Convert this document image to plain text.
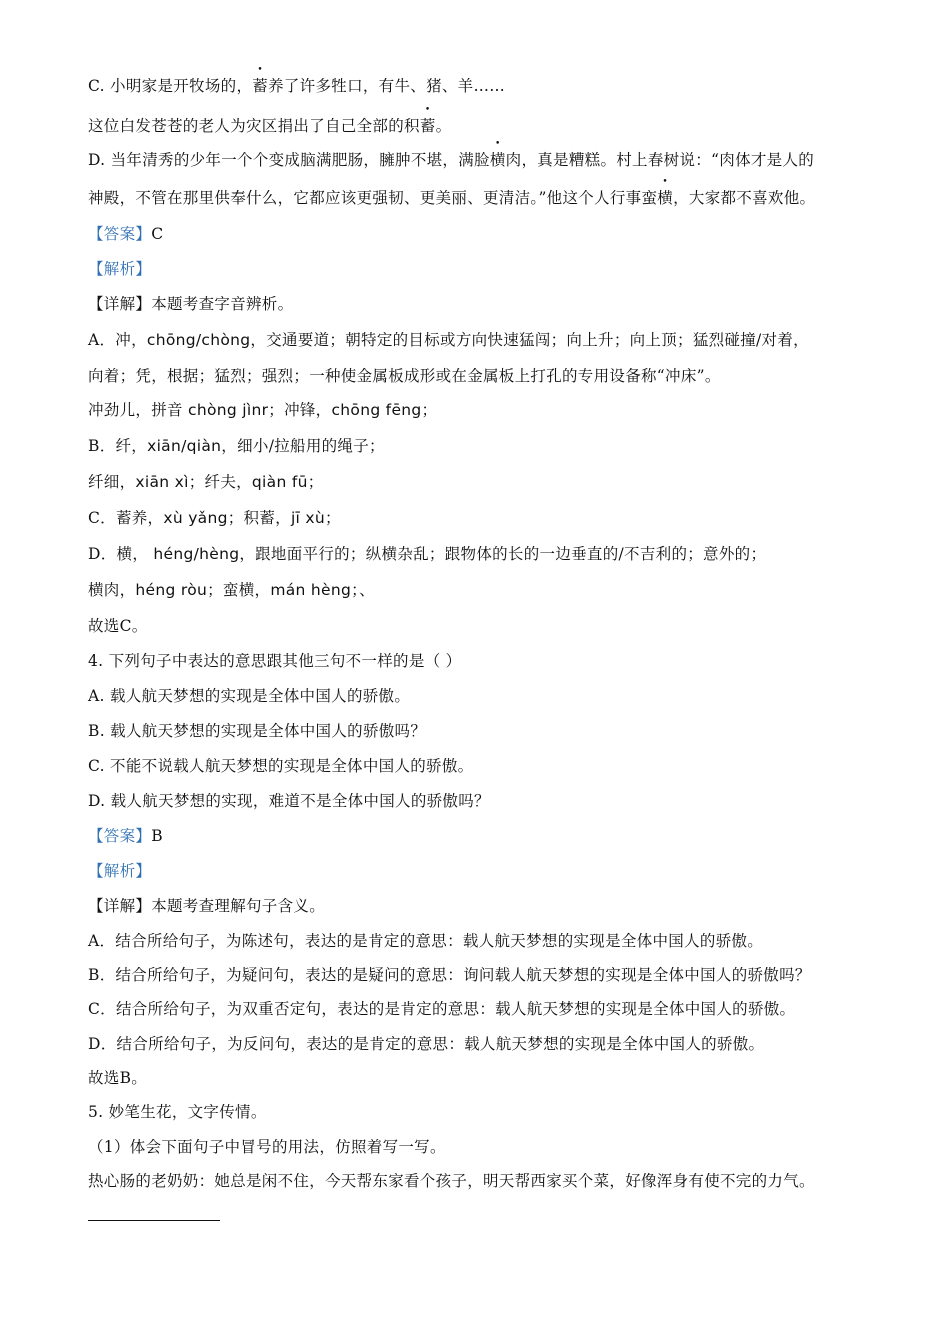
C. 小明家是开牧场的，蓄养了许多牲口，有牛、猪、羊……
这位白发苍苍的老人为灾区捐出了自己全部的积蓄。
D. 当年清秀的少年一个个变成脑满肥肠，臃肿不堪，满脸横肉，真是糟糕。村上春树说：“肉体才是人的
神殿，不管在那里供奉什么，它都应该更强韧、更美丽、更清洁。”他这个人行事蛮横，大家都不喜欢他。
【答案】C
【解析】
【详解】本题考查字音辨析。
A．冲，chōng/chòng，交通要道；朝特定的目标或方向快速猛闯；向上升；向上顶；猛烈碰撞/对着，
向着；凭，根据；猛烈；强烈；一种使金属板成形或在金属板上打孔的专用设备称“冲床”。
冲劲儿，拼音 chòng jìnr；冲锋，chōng fēng；
B．纤，xiān/qiàn，细小/拉船用的绳子；
纤细，xiān xì；纤夫，qiàn fū；
C．蓄养，xù yǎng；积蓄，jī xù；
D．横， héng/hèng，跟地面平行的；纵横杂乱；跟物体的长的一边垂直的/不吉利的；意外的；
横肉，héng ròu；蛮横，mán hèng；、
故选C。
4. 下列句子中表达的意思跟其他三句不一样的是（ ）
A. 载人航天梦想的实现是全体中国人的骄傲。
B. 载人航天梦想的实现是全体中国人的骄傲吗？
C. 不能不说载人航天梦想的实现是全体中国人的骄傲。
D. 载人航天梦想的实现，难道不是全体中国人的骄傲吗？
【答案】B
【解析】
【详解】本题考查理解句子含义。
A．结合所给句子，为陈述句，表达的是肯定的意思：载人航天梦想的实现是全体中国人的骄傲。
B．结合所给句子，为疑问句，表达的是疑问的意思：询问载人航天梦想的实现是全体中国人的骄傲吗？
C．结合所给句子，为双重否定句，表达的是肯定的意思：载人航天梦想的实现是全体中国人的骄傲。
D．结合所给句子，为反问句，表达的是肯定的意思：载人航天梦想的实现是全体中国人的骄傲。
故选B。
5. 妙笔生花，文字传情。
（1）体会下面句子中冒号的用法，仿照着写一写。
热心肠的老奶奶：她总是闲不住，今天帮东家看个孩子，明天帮西家买个菜，好像浑身有使不完的力气。
